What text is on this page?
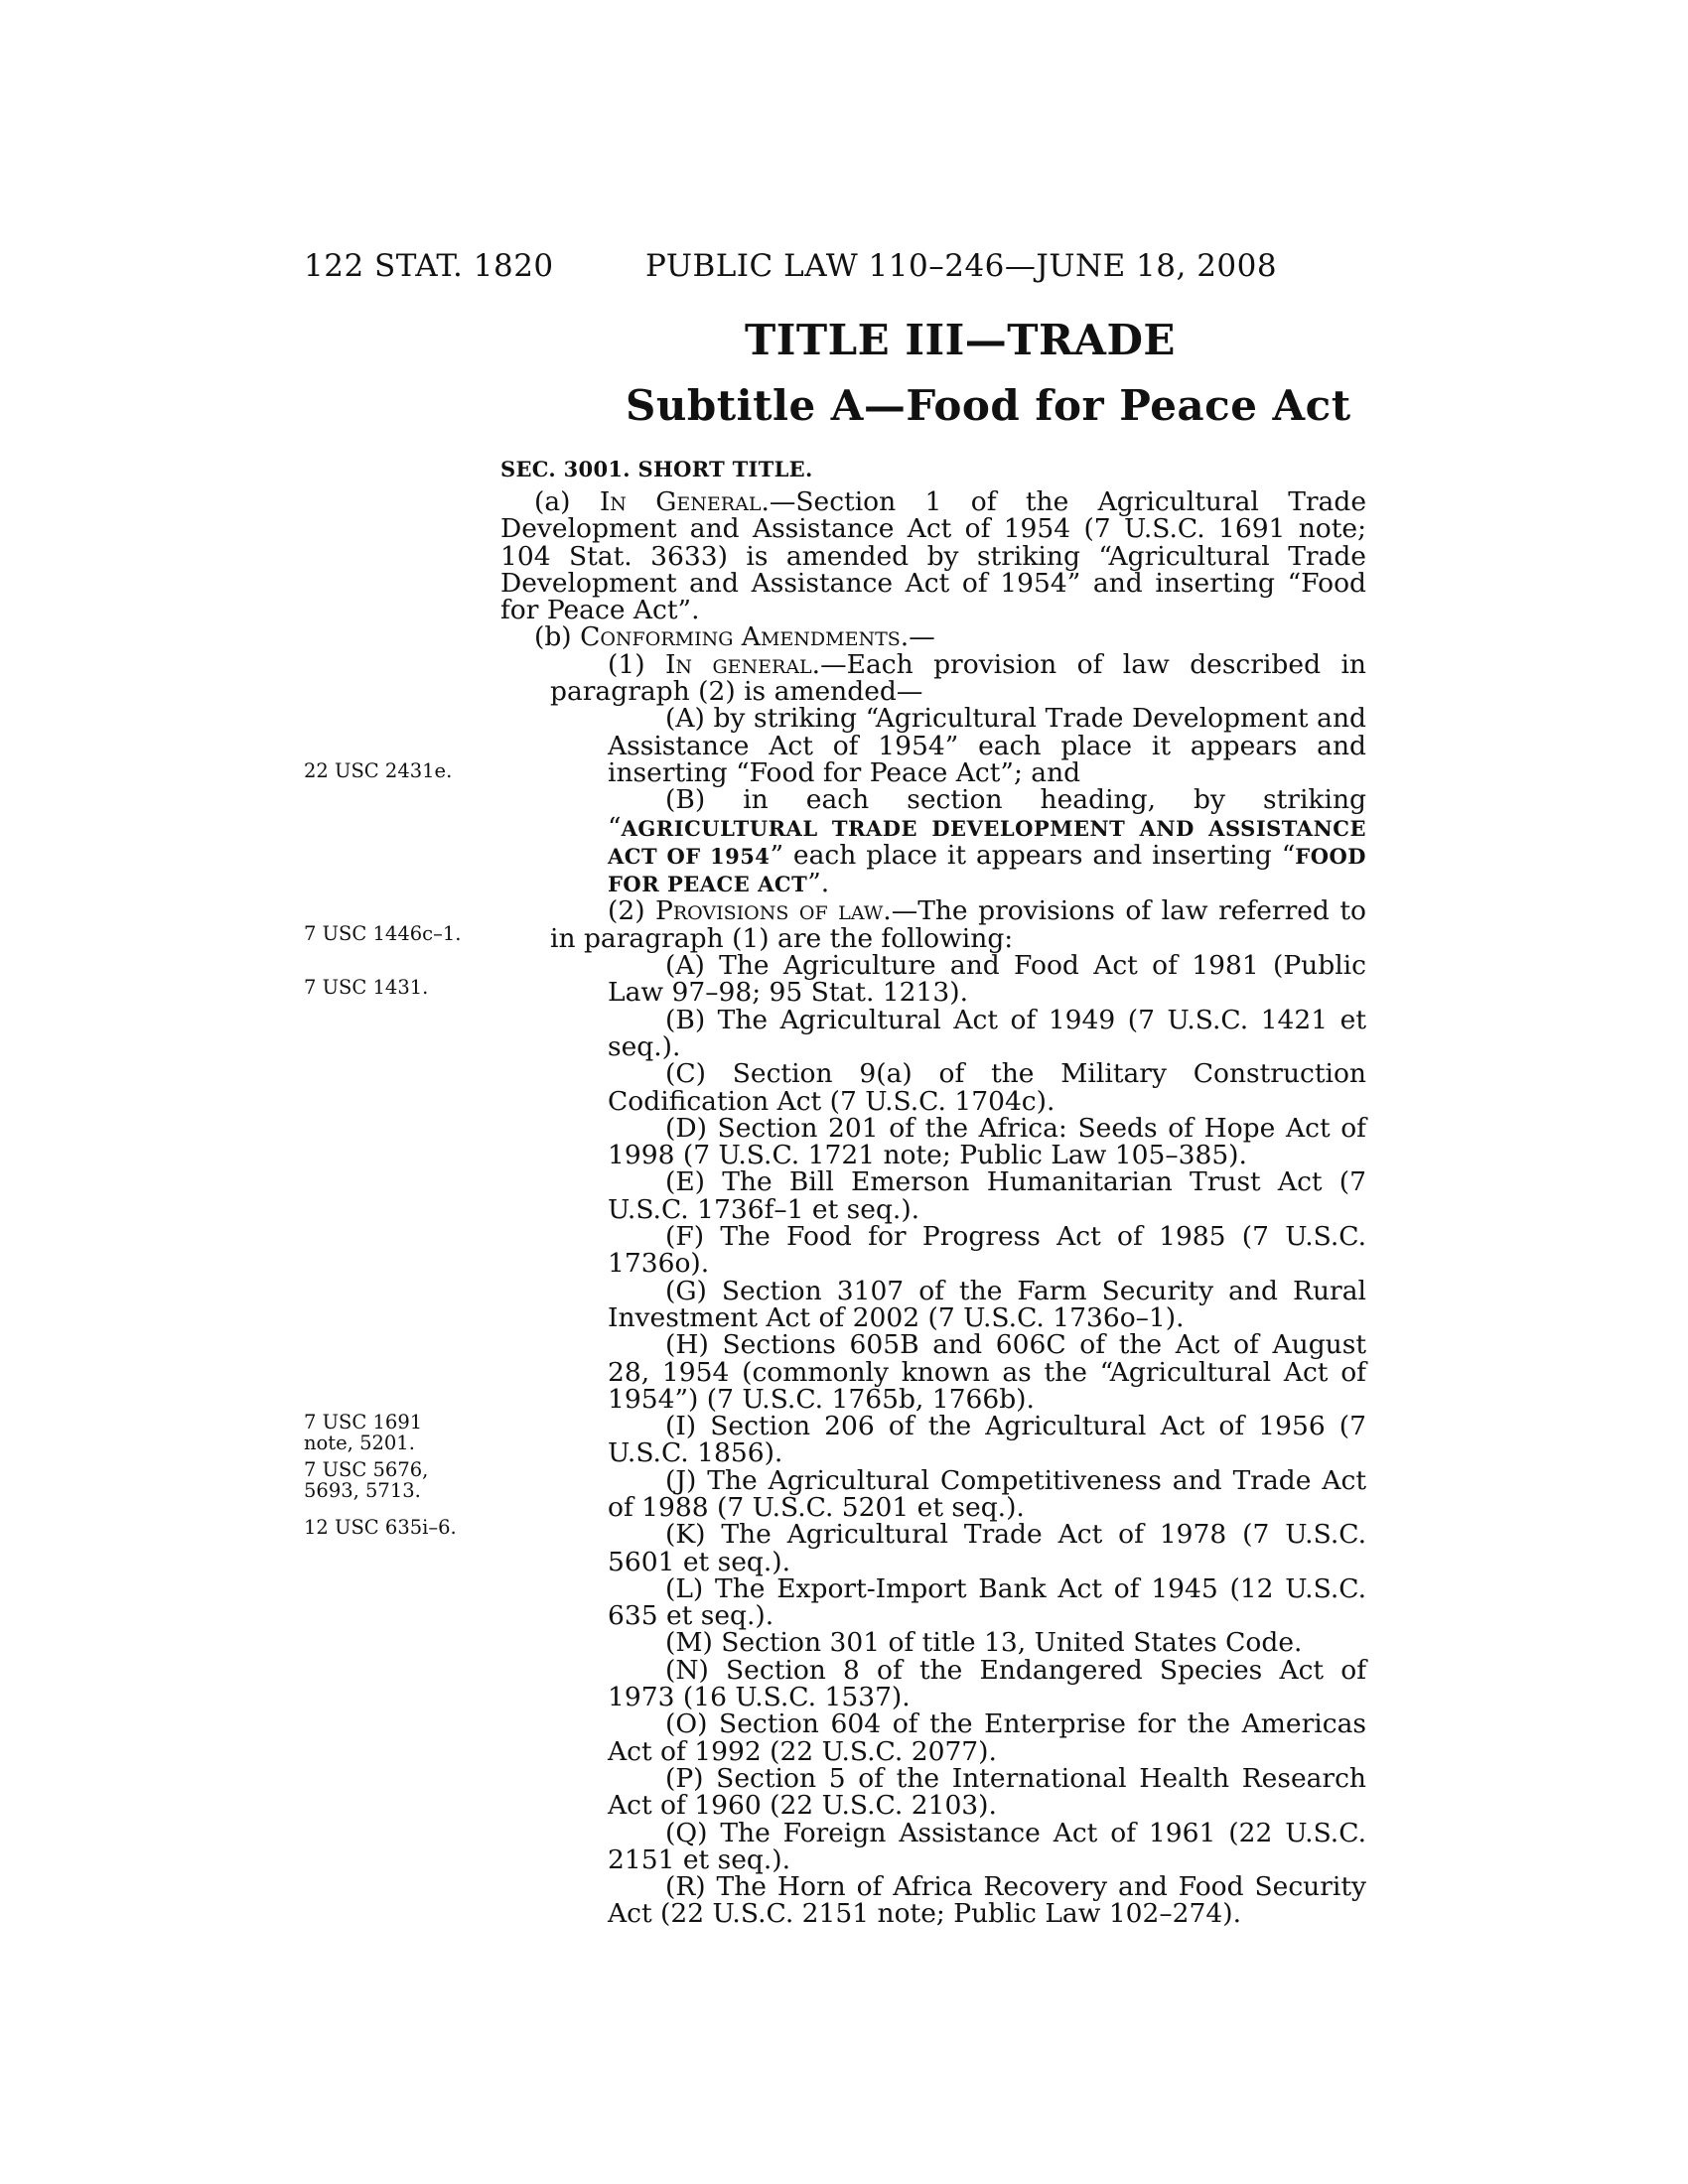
122 STAT. 1820	PUBLIC LAW 110–246—JUNE 18, 2008
TITLE III—TRADE
Subtitle A—Food for Peace Act
SEC. 3001. SHORT TITLE.
22 USC 2431e.
7 USC 1446c–1.
7 USC 1431.
7 USC 1691 note, 5201.
7 USC 5676, 5693, 5713.
12 USC 635i–6.
(a) In General.—Section 1 of the Agricultural Trade Development and Assistance Act of 1954 (7 U.S.C. 1691 note; 104 Stat. 3633) is amended by striking “Agricultural Trade Development and Assistance Act of 1954” and inserting “Food for Peace Act”.
(b) Conforming Amendments.—
(1) In general.—Each provision of law described in paragraph (2) is amended—
(A) by striking “Agricultural Trade Development and Assistance Act of 1954” each place it appears and inserting “Food for Peace Act”; and
(B) in each section heading, by striking “AGRICULTURAL TRADE DEVELOPMENT AND ASSISTANCE ACT OF 1954” each place it appears and inserting “FOOD FOR PEACE ACT”.
(2) Provisions of law.—The provisions of law referred to in paragraph (1) are the following:
(A) The Agriculture and Food Act of 1981 (Public Law 97–98; 95 Stat. 1213).
(B) The Agricultural Act of 1949 (7 U.S.C. 1421 et seq.).
(C) Section 9(a) of the Military Construction Codification Act (7 U.S.C. 1704c).
(D) Section 201 of the Africa: Seeds of Hope Act of 1998 (7 U.S.C. 1721 note; Public Law 105–385).
(E) The Bill Emerson Humanitarian Trust Act (7 U.S.C. 1736f–1 et seq.).
(F) The Food for Progress Act of 1985 (7 U.S.C. 1736o).
(G) Section 3107 of the Farm Security and Rural Investment Act of 2002 (7 U.S.C. 1736o–1).
(H) Sections 605B and 606C of the Act of August 28, 1954 (commonly known as the “Agricultural Act of 1954”) (7 U.S.C. 1765b, 1766b).
(I) Section 206 of the Agricultural Act of 1956 (7 U.S.C. 1856).
(J) The Agricultural Competitiveness and Trade Act of 1988 (7 U.S.C. 5201 et seq.).
(K) The Agricultural Trade Act of 1978 (7 U.S.C. 5601 et seq.).
(L) The Export-Import Bank Act of 1945 (12 U.S.C. 635 et seq.).
(M) Section 301 of title 13, United States Code.
(N) Section 8 of the Endangered Species Act of 1973 (16 U.S.C. 1537).
(O) Section 604 of the Enterprise for the Americas Act of 1992 (22 U.S.C. 2077).
(P) Section 5 of the International Health Research Act of 1960 (22 U.S.C. 2103).
(Q) The Foreign Assistance Act of 1961 (22 U.S.C. 2151 et seq.).
(R) The Horn of Africa Recovery and Food Security Act (22 U.S.C. 2151 note; Public Law 102–274).
